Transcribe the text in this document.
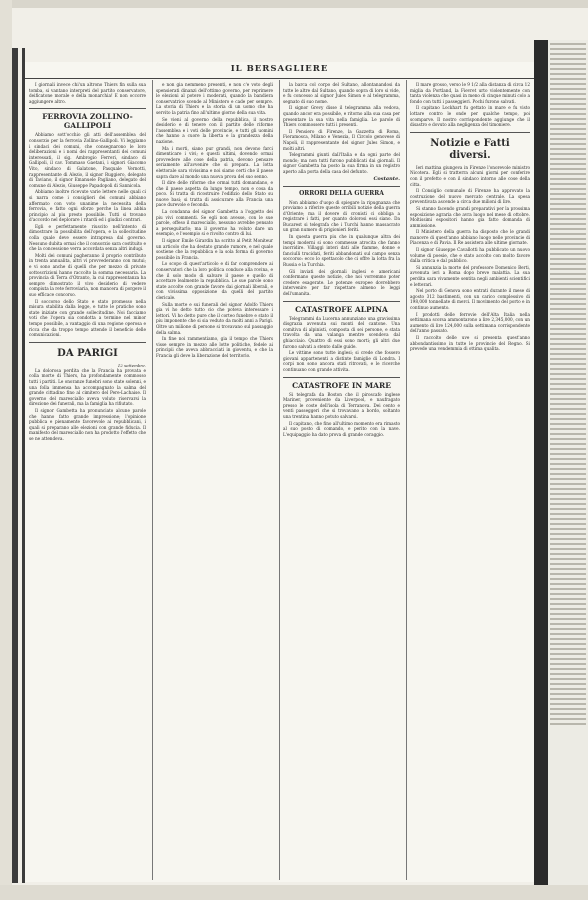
IL BERSAGLIERE

I giornali invece chi'un altrono Thiers fin sulla sua tomba, si vantano interpreti del partito conservatore, deificatone morale e della monarchia! E non occorre aggiungere altro.

FERROVIA ZOLLINO-GALLIPOLI

Abbiamo sott'occhio gli atti dell'assemblea del consorzio per la ferrovia Zollino-Gallipoli. Vi leggiamo i sindaci dei comuni, che consegnarono le loro deliberazioni e i nomi dei rappresentanti dei comuni interessati, il sig. Ambrogio Ferreri, sindaco di Gallipoli, il cav. Tommaso Gaetani, i signori Giacomo Vito, sindaco di Galatone, Pasquale Vernotti, rappresentante di Alezio, il signor Ruggiero, delegato di Taviano, il signor Emanuele Pagliano, delegato del comune di Alezio, Giuseppe Papadopoli di Sannicola.

Abbiamo inoltre ricevute varie lettere nelle quali ci si narra come i consiglieri dei comuni abbiano affermato con voto unanime la necessita della ferrovia, e fatto ogni sforzo perche la linea abbia principio al piu presto possibile. Tutti si trovano d'accordo nel deplorare i ritardi ed i giudizi contrari.

Egli e perfettamente riuscito nell'intento di dimostrare la possibilita dell'opera, e la sollecitudine colla quale deve essere intrapresa dal governo. Nessuno dubita ormai che il consorzio sara costituito e che la concessione verra accordata senza altri indugi.

Molti dei comuni pagheranno il proprio contributo in trenta annualita, altri vi provvederanno con mutui; e vi sono anche di quelli che per mezzo di private sottoscrizioni hanno raccolto la somma necessaria. La provincia di Terra d'Otranto, la cui rappresentanza ha sempre dimostrato il vivo desiderio di vedere compiuta la rete ferroviaria, non mancera di porgere il suo efficace concorso.

Il soccorso dello Stato e stato promesso nella misura stabilita dalla legge, e tutte le pratiche sono state iniziate con grande sollecitudine. Noi facciamo voti che l'opera sia condotta a termine nel minor tempo possibile, a vantaggio di una regione operosa e ricca che da troppo tempo attende il beneficio delle comunicazioni.

DA PARIGI
12 settembre.

La dolorosa perdita che la Francia ha provata e colla morte di Thiers, ha profondamente commosso tutti i partiti. Le onoranze funebri sono state solenni, e una folla immensa ha accompagnato la salma del grande cittadino fino al cimitero del Pere-Lachaise. Il governo del maresciallo aveva voluto riservarsi la direzione dei funerali, ma la famiglia ha rifiutato.

Il signor Gambetta ha pronunciato alcune parole che hanno fatto grande impressione; l'opinione pubblica e pienamente favorevole ai repubblicani, i quali si preparano alle elezioni con grande fiducia. Il manifesto del maresciallo non ha prodotto l'effetto che se ne attendeva.

e non gia nemmeno presenti, e non c'e voto degli spensierati dinanzi dell'ottimo governo, per reprimere le elezioni al potere i moderati, quando la bandiera conservatrice scende al Ministero e cade per sempre. La storia di Thiers e la storia di un uomo che ha servito la patria fino all'ultimo giorno della sua vita.

Se vieni al governo della repubblica, il nostro desiderio e di tenere con il partito delle riforme l'assemblea e i voti delle provincie, e tutti gli uomini che hanno a cuore la liberta e la grandezza della nazione.

Ma i morti, siano pur grandi, non devono farci dimenticare i vivi; e questi ultimi, dovendo ormai provvedere alle cose della patria, devono pensare seriamente all'avvenire che si prepara. La lotta elettorale sara vivissima e noi siamo certi che il paese sapra dare al mondo una nuova prova del suo senno.

Il dire delle riforme che ormai tutti domandano, e che il paese aspetta da lungo tempo, non e cosa da poco. Si tratta di ricostruire l'edifizio dello Stato su nuove basi; si tratta di assicurare alla Francia una pace durevole e feconda.

La condanna del signor Gambetta a l'oggetto dei piu vivi commenti. Se egli non avesse, con le sue parole, offeso il maresciallo, nessuno avrebbe pensato a perseguitarlo; ma il governo ha voluto dare un esempio, e l'esempio si e rivolto contro di lui.

Il signor Emile Girardin ha scritto al Petit Moniteur un articolo che ha destato grande rumore, e nel quale sostiene che la repubblica e la sola forma di governo possibile in Francia.

Lo scopo di quest'articolo e di far comprendere ai conservatori che la loro politica conduce alla rovina, e che il solo modo di salvare il paese e quello di accettare lealmente la repubblica. Le sue parole sono state accolte con grande favore dai giornali liberali, e con vivissima opposizione da quelli del partito clericale.

Sulla morte e sui funerali del signor Adolfo Thiers gia vi ho detto tutto cio che poteva interessare i lettori. Vi ho detto pure che il corteo funebre e stato il piu imponente che si sia veduto da molti anni a Parigi. Oltre un milione di persone si trovavano sul passaggio della salma.

In fine noi rammentiamo, gia il tempo che Thiers visse sempre in mezzo alle lotte politiche, fedele ai principii che aveva abbracciati in gioventu, e che la Francia gli deve la liberazione del territorio.

la barca col corpo del Sultano, allontanandosi da tutte le altre dal Sultano, quando sopra di loro si vide, e fu concesso al signor Jules Simon e al telegramma, segnato di suo nome.

Il signor Grevy disse il telegramma alla vedova, quando ancor era possibile, e ritorno alla sua casa per presentare la sua vita nella famiglia. Le parole di Thiers commossero tutti i presenti.

Il Pensiero di Firenze, la Gazzetta di Roma, Fieramosca, Milano e Venezia, Il Circolo genovese di Napoli, il rappresentante del signor Jules Simon, e molti altri.

Telegrammi giunti dall'Italia e da ogni parte del mondo; ma non tutti furono pubblicati dai giornali. Il signor Gambetta ha posto la sua firma in un registro aperto alla porta della casa del defunto.

Costante.
ORRORI DELLA GUERRA

Non abbiamo d'uopo di spiegare la ripugnanza che proviamo a riferire queste orribili notizie della guerra d'Oriente; ma il dovere di cronisti ci obbliga a registrare i fatti, per quanto dolorosi essi siano. Da Bucarest si telegrafa che i Turchi hanno massacrato un gran numero di prigionieri feriti.

In questa guerra piu che in qualunque altra dei tempi moderni si sono commesse atrocita che fanno inorridire. Villaggi interi dati alle fiamme, donne e fanciulli trucidati, feriti abbandonati sul campo senza soccorso: ecco lo spettacolo che ci offre la lotta fra la Russia e la Turchia.

Gli inviati dei giornali inglesi e americani confermano queste notizie, che noi vorremmo poter credere esagerate. Le potenze europee dovrebbero intervenire per far rispettare almeno le leggi dell'umanita.

CATASTROFE ALPINA

Telegrammi da Lucerna annunziano una gravissima disgrazia avvenuta sui monti del cantone. Una comitiva di alpinisti, composta di sei persone, e stata travolta da una valanga mentre scendeva dal ghiacciaio. Quattro di essi sono morti; gli altri due furono salvati a stento dalle guide.

Le vittime sono tutte inglesi; si crede che fossero giovani appartenenti a distinte famiglie di Londra. I corpi non sono ancora stati ritrovati, e le ricerche continuano con grande attivita.

CATASTROFE IN MARE

Si telegrafa da Boston che il piroscafo inglese Mariner, proveniente da Liverpool, e naufragato presso le coste dell'isola di Terranova. Dei cento e venti passeggeri che si trovavano a bordo, soltanto una trentina hanno potuto salvarsi.

Il capitano, che fino all'ultimo momento era rimasto al suo posto di comando, e perito con la nave. L'equipaggio ha dato prova di grande coraggio.

Il mare grosso, verso le 9 1/2 alla distanza di circa 12 miglia da Portland, la Fievret urto violentemente con tanta violenza che quasi in meno di cinque minuti colo a fondo con tutti i passeggieri. Pochi furono salvati.

Il capitano Lockhart fu gettato in mare e fu visto lottare contro le onde per qualche tempo, poi scomparve. Il nostro corrispondente aggiunge che il disastro e dovuto alla negligenza del timoniere.

Notizie e Fatti diversi.

Ieri mattina giungeva in Firenze l'onorevole ministro Nicotera. Egli si tratterra alcuni giorni per conferire con il prefetto e con il sindaco intorno alle cose della citta.

Il Consiglio comunale di Firenze ha approvato la costruzione del nuovo mercato centrale. La spesa preventivata ascende a circa due milioni di lire.

Si stanno facendo grandi preparativi per la prossima esposizione agraria che avra luogo nel mese di ottobre. Moltissimi espositori hanno gia fatto domanda di ammissione.

Il Ministero della guerra ha disposto che le grandi manovre di quest'anno abbiano luogo nelle provincie di Piacenza e di Pavia. Il Re assistera alle ultime giornate.

Il signor Giuseppe Cavallotti ha pubblicato un nuovo volume di poesie, che e stato accolto con molto favore dalla critica e dal pubblico.

Si annunzia la morte del professore Domenico Berti, avvenuta ieri a Roma dopo breve malattia. La sua perdita sara vivamente sentita negli ambienti scientifici e letterari.

Nel porto di Genova sono entrati durante il mese di agosto 312 bastimenti, con un carico complessivo di 198,000 tonnellate di merci. Il movimento del porto e in continuo aumento.

I prodotti delle ferrovie dell'Alta Italia nella settimana scorsa ammontarono a lire 2,345,000, con un aumento di lire 124,000 sulla settimana corrispondente dell'anno passato.

Il raccolto delle uve si presenta quest'anno abbondantissimo in tutte le provincie del Regno. Si prevede una vendemmia di ottima qualita.
